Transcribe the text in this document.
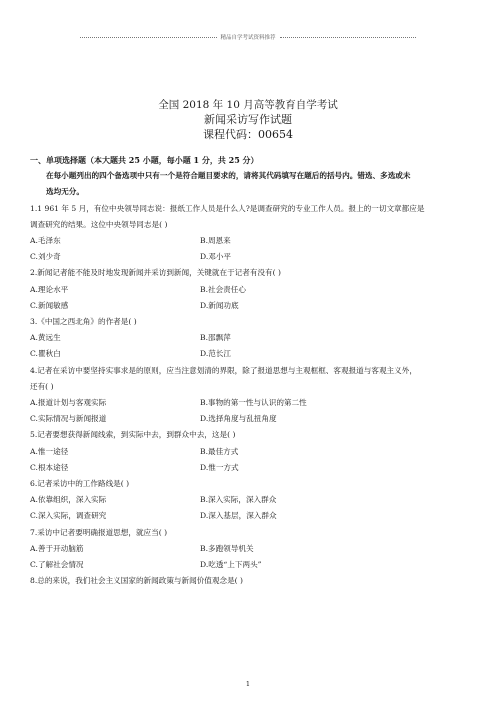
精品自学考试资料推荐
全国 2018 年 10 月高等教育自学考试
新闻采访写作试题
课程代码：00654
一、单项选择题（本大题共 25 小题，每小题 1 分，共 25 分）
在每小题列出的四个备选项中只有一个是符合题目要求的，请将其代码填写在题后的括号内。错选、多选或未
选均无分。
1.1 961 年 5 月，有位中央领导同志说：报纸工作人员是什么人?是调查研究的专业工作人员。报上的一切文章都应是
调查研究的结果。这位中央领导同志是( )
A.毛泽东	B.周恩来
C.刘少奇	D.邓小平
2.新闻记者能不能及时地发现新闻并采访到新闻，关键就在于记者有没有( )
A.理论水平	B.社会责任心
C.新闻敏感	D.新闻功底
3.《中国之西北角》的作者是( )
A.黄远生	B.邵飘萍
C.瞿秋白	D.范长江
4.记者在采访中要坚持实事求是的原则，应当注意划清的界限，除了报道思想与主观框框、客观报道与客观主义外，
还有( )
A.报道计划与客观实际	B.事物的第一性与认识的第二性
C.实际情况与新闻报道	D.选择角度与乱扭角度
5.记者要想获得新闻线索，到实际中去，到群众中去，这是( )
A.惟一途径	B.最佳方式
C.根本途径	D.惟一方式
6.记者采访中的工作路线是( )
A.依靠组织，深入实际	B.深入实际，深入群众
C.深入实际，调查研究	D.深入基层，深入群众
7.采访中记者要明确报道思想，就应当( )
A.善于开动脑筋	B.多跑领导机关
C.了解社会情况	D.吃透“上下两头”
8.总的来说，我们社会主义国家的新闻政策与新闻价值观念是( )
1
